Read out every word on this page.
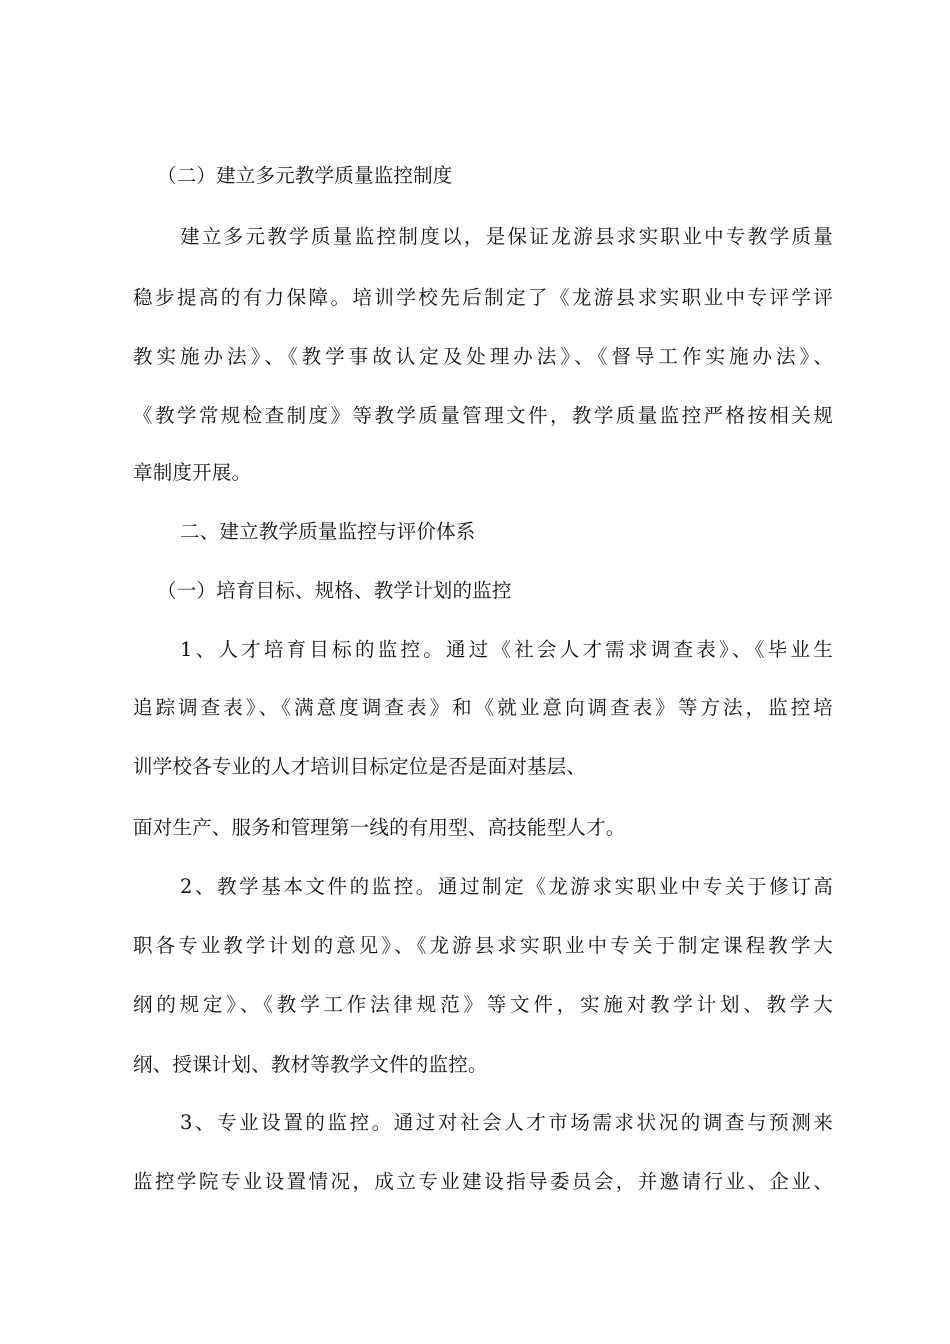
（二）建立多元教学质量监控制度
建立多元教学质量监控制度以，是保证龙游县求实职业中专教学质量
稳步提高的有力保障。培训学校先后制定了《龙游县求实职业中专评学评
教实施办法》、《教学事故认定及处理办法》、《督导工作实施办法》、
《教学常规检查制度》等教学质量管理文件，教学质量监控严格按相关规
章制度开展。
二、建立教学质量监控与评价体系
（一）培育目标、规格、教学计划的监控
1、人才培育目标的监控。通过《社会人才需求调查表》、《毕业生
追踪调查表》、《满意度调查表》和《就业意向调查表》等方法，监控培
训学校各专业的人才培训目标定位是否是面对基层、
面对生产、服务和管理第一线的有用型、高技能型人才。
2、教学基本文件的监控。通过制定《龙游求实职业中专关于修订高
职各专业教学计划的意见》、《龙游县求实职业中专关于制定课程教学大
纲的规定》、《教学工作法律规范》等文件，实施对教学计划、教学大
纲、授课计划、教材等教学文件的监控。
3、专业设置的监控。通过对社会人才市场需求状况的调查与预测来
监控学院专业设置情况，成立专业建设指导委员会，并邀请行业、企业、
